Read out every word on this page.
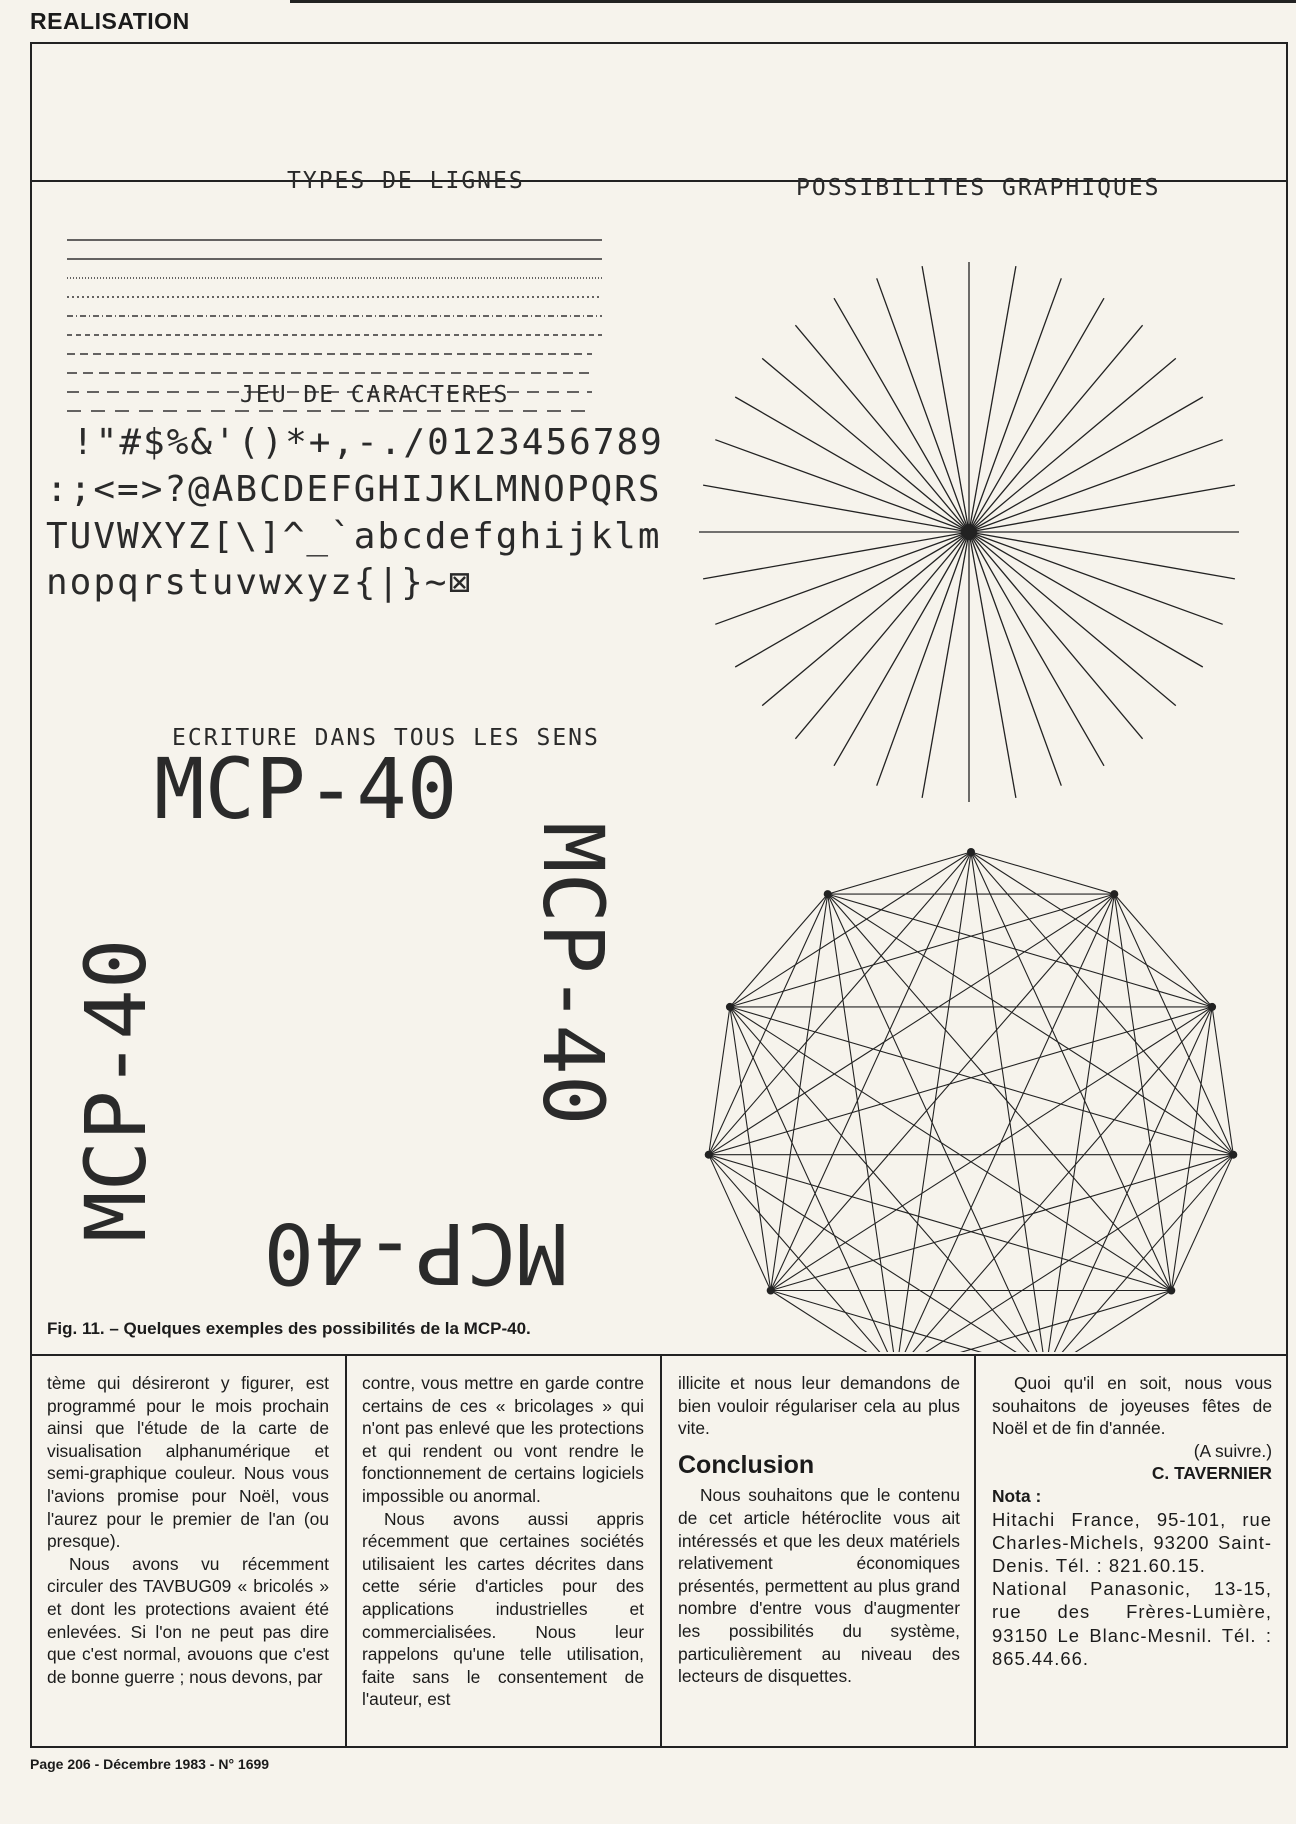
REALISATION
TYPES DE LIGNES	POSSIBILITES GRAPHIQUES
JEU DE CARACTERES
!"#$%&'()*+,-./0123456789
:;<=>?@ABCDEFGHIJKLMNOPQRS
TUVWXYZ[\]^_`abcdefghijklm
nopqrstuvwxyz{|}~⊠
ECRITURE DANS TOUS LES SENS
MCP-40
MCP-40
MCP-40
MCP-40
Fig. 11. – Quelques exemples des possibilités de la MCP-40.

tème qui désireront y figurer, est programmé pour le mois prochain ainsi que l'étude de la carte de visualisation alphanumérique et semi-graphique couleur. Nous vous l'avions promise pour Noël, vous l'aurez pour le premier de l'an (ou presque).

Nous avons vu récemment circuler des TAVBUG09 « bricolés » et dont les protections avaient été enlevées. Si l'on ne peut pas dire que c'est normal, avouons que c'est de bonne guerre ; nous devons, par

contre, vous mettre en garde contre certains de ces « bricolages » qui n'ont pas enlevé que les protections et qui rendent ou vont rendre le fonctionnement de certains logiciels impossible ou anormal.

Nous avons aussi appris récemment que certaines sociétés utilisaient les cartes décrites dans cette série d'articles pour des applications industrielles et commercialisées. Nous leur rappelons qu'une telle utilisation, faite sans le consentement de l'auteur, est

illicite et nous leur demandons de bien vouloir régulariser cela au plus vite.

Conclusion

Nous souhaitons que le contenu de cet article hétéroclite vous ait intéressés et que les deux matériels relativement économiques présentés, permettent au plus grand nombre d'entre vous d'augmenter les possibilités du système, particulièrement au niveau des lecteurs de disquettes.

Quoi qu'il en soit, nous vous souhaitons de joyeuses fêtes de Noël et de fin d'année.

(A suivre.)

C. TAVERNIER

Nota :

Hitachi France, 95-101, rue Charles-Michels, 93200 Saint-Denis. Tél. : 821.60.15.

National Panasonic, 13-15, rue des Frères-Lumière, 93150 Le Blanc-Mesnil. Tél. : 865.44.66.

Page 206 - Décembre 1983 - N° 1699
